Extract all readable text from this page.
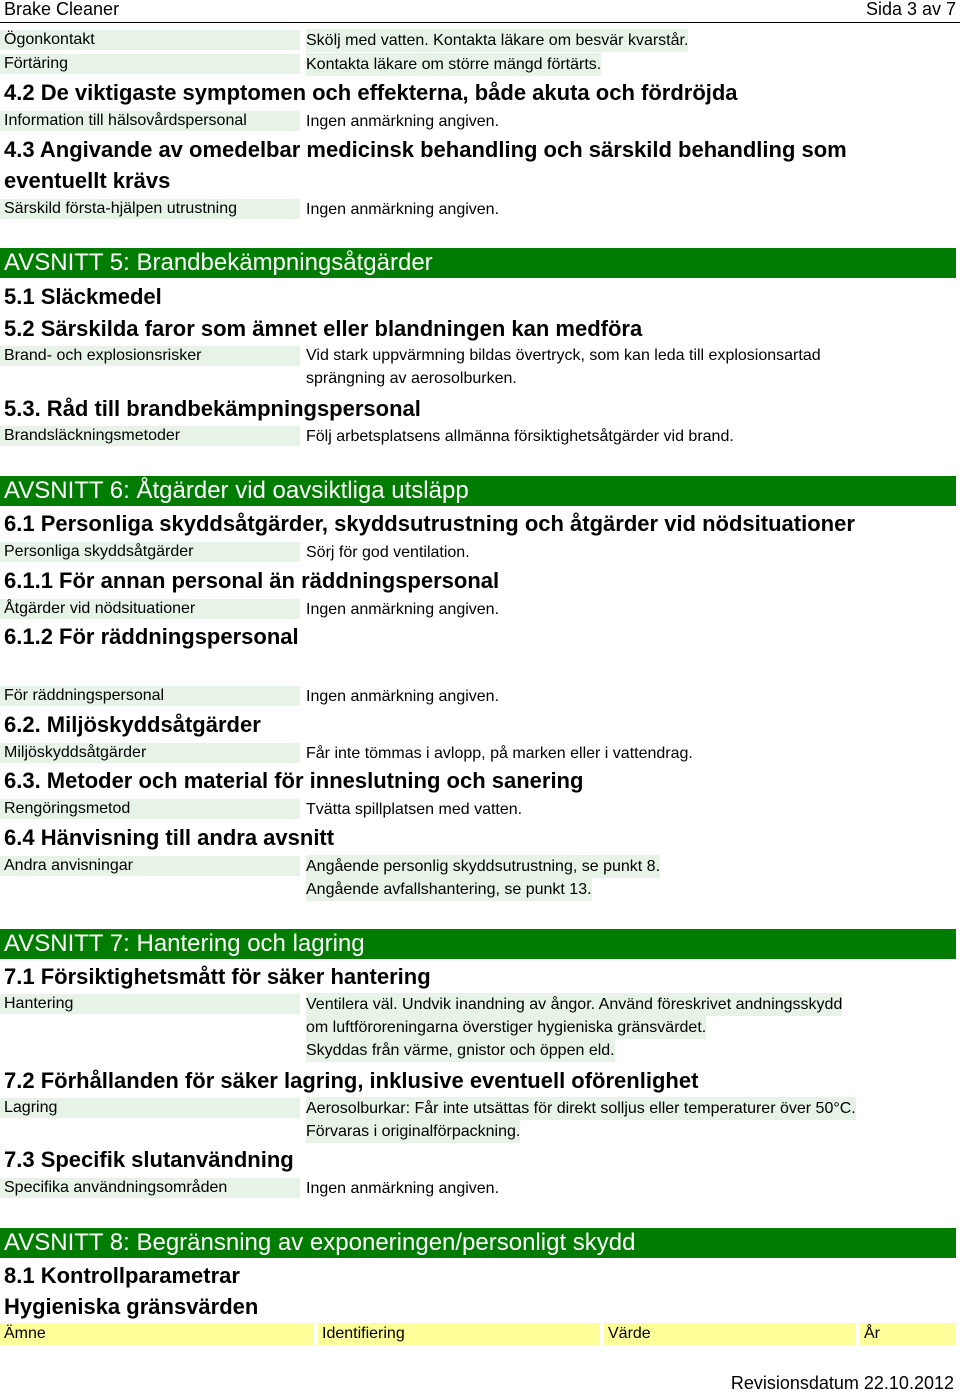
Brake Cleaner	Sida 3 av 7
Ögonkontakt	Skölj med vatten. Kontakta läkare om besvär kvarstår.
Förtäring	Kontakta läkare om större mängd förtärts.
4.2 De viktigaste symptomen och effekterna, både akuta och fördröjda
Information till hälsovårdspersonal	Ingen anmärkning angiven.
4.3 Angivande av omedelbar medicinsk behandling och särskild behandling som
eventuellt krävs
Särskild första-hjälpen utrustning	Ingen anmärkning angiven.
AVSNITT 5: Brandbekämpningsåtgärder
5.1 Släckmedel
5.2 Särskilda faror som ämnet eller blandningen kan medföra
Brand- och explosionsrisker	Vid stark uppvärmning bildas övertryck, som kan leda till explosionsartad
sprängning av aerosolburken.
5.3. Råd till brandbekämpningspersonal
Brandsläckningsmetoder	Följ arbetsplatsens allmänna försiktighetsåtgärder vid brand.
AVSNITT 6: Åtgärder vid oavsiktliga utsläpp
6.1 Personliga skyddsåtgärder, skyddsutrustning och åtgärder vid nödsituationer
Personliga skyddsåtgärder	Sörj för god ventilation.
6.1.1 För annan personal än räddningspersonal
Åtgärder vid nödsituationer	Ingen anmärkning angiven.
6.1.2 För räddningspersonal
För räddningspersonal	Ingen anmärkning angiven.
6.2. Miljöskyddsåtgärder
Miljöskyddsåtgärder	Får inte tömmas i avlopp, på marken eller i vattendrag.
6.3. Metoder och material för inneslutning och sanering
Rengöringsmetod	Tvätta spillplatsen med vatten.
6.4 Hänvisning till andra avsnitt
Andra anvisningar	Angående personlig skyddsutrustning, se punkt 8.
Angående avfallshantering, se punkt 13.
AVSNITT 7: Hantering och lagring
7.1 Försiktighetsmått för säker hantering
Hantering	Ventilera väl. Undvik inandning av ångor. Använd föreskrivet andningsskydd
om luftföroreningarna överstiger hygieniska gränsvärdet.
Skyddas från värme, gnistor och öppen eld.
7.2 Förhållanden för säker lagring, inklusive eventuell oförenlighet
Lagring	Aerosolburkar: Får inte utsättas för direkt solljus eller temperaturer över 50°C.
Förvaras i originalförpackning.
7.3 Specifik slutanvändning
Specifika användningsområden	Ingen anmärkning angiven.
AVSNITT 8: Begränsning av exponeringen/personligt skydd
8.1 Kontrollparametrar
Hygieniska gränsvärden
Ämne	Identifiering	Värde	År
Revisionsdatum 22.10.2012
